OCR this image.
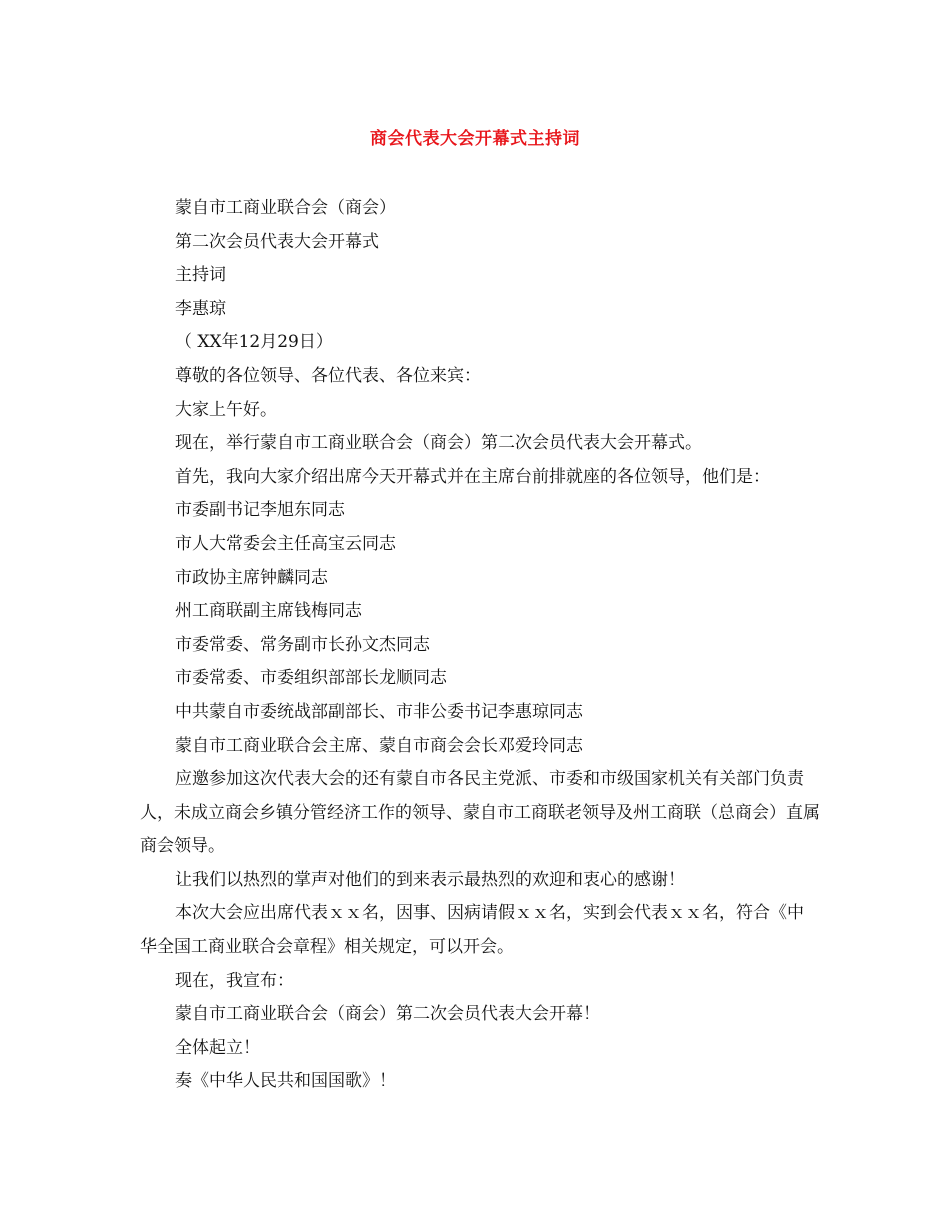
商会代表大会开幕式主持词

蒙自市工商业联合会（商会）

第二次会员代表大会开幕式

主持词

李惠琼

（ XX年12月29日）

尊敬的各位领导、各位代表、各位来宾：

大家上午好。

现在，举行蒙自市工商业联合会（商会）第二次会员代表大会开幕式。

首先，我向大家介绍出席今天开幕式并在主席台前排就座的各位领导，他们是：

市委副书记李旭东同志

市人大常委会主任高宝云同志

市政协主席钟麟同志

州工商联副主席钱梅同志

市委常委、常务副市长孙文杰同志

市委常委、市委组织部部长龙顺同志

中共蒙自市委统战部副部长、市非公委书记李惠琼同志

蒙自市工商业联合会主席、蒙自市商会会长邓爱玲同志

应邀参加这次代表大会的还有蒙自市各民主党派、市委和市级国家机关有关部门负责人，未成立商会乡镇分管经济工作的领导、蒙自市工商联老领导及州工商联（总商会）直属商会领导。

让我们以热烈的掌声对他们的到来表示最热烈的欢迎和衷心的感谢！

本次大会应出席代表ｘｘ名，因事、因病请假ｘｘ名，实到会代表ｘｘ名，符合《中华全国工商业联合会章程》相关规定，可以开会。

现在，我宣布：

蒙自市工商业联合会（商会）第二次会员代表大会开幕！

全体起立！

奏《中华人民共和国国歌》！
